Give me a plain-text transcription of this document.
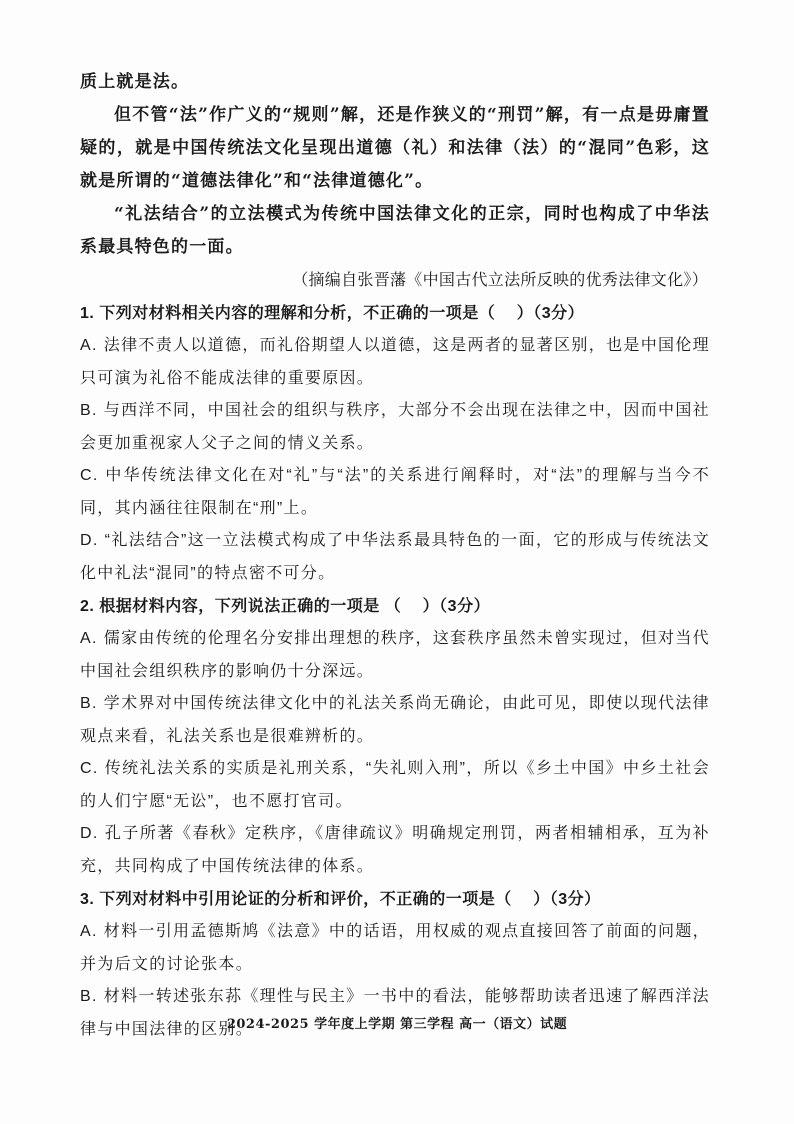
质上就是法。

但不管“法”作广义的“规则”解，还是作狭义的“刑罚”解，有一点是毋庸置疑的，就是中国传统法文化呈现出道德（礼）和法律（法）的“混同”色彩，这就是所谓的“道德法律化”和“法律道德化”。

“礼法结合”的立法模式为传统中国法律文化的正宗，同时也构成了中华法系最具特色的一面。

（摘编自张晋藩《中国古代立法所反映的优秀法律文化》）

1. 下列对材料相关内容的理解和分析，不正确的一项是（　 ）（3分）

A. 法律不责人以道德，而礼俗期望人以道德，这是两者的显著区别，也是中国伦理只可演为礼俗不能成法律的重要原因。

B. 与西洋不同，中国社会的组织与秩序，大部分不会出现在法律之中，因而中国社会更加重视家人父子之间的情义关系。

C. 中华传统法律文化在对“礼”与“法”的关系进行阐释时，对“法”的理解与当今不同，其内涵往往限制在“刑”上。

D. “礼法结合”这一立法模式构成了中华法系最具特色的一面，它的形成与传统法文化中礼法“混同”的特点密不可分。

2. 根据材料内容，下列说法正确的一项是 （　 ）（3分）

A. 儒家由传统的伦理名分安排出理想的秩序，这套秩序虽然未曾实现过，但对当代中国社会组织秩序的影响仍十分深远。

B. 学术界对中国传统法律文化中的礼法关系尚无确论，由此可见，即使以现代法律观点来看，礼法关系也是很难辨析的。

C. 传统礼法关系的实质是礼刑关系，“失礼则入刑”，所以《乡土中国》中乡土社会的人们宁愿“无讼”，也不愿打官司。

D. 孔子所著《春秋》定秩序，《唐律疏议》明确规定刑罚，两者相辅相承，互为补充，共同构成了中国传统法律的体系。

3. 下列对材料中引用论证的分析和评价，不正确的一项是（　 ）（3分）

A. 材料一引用孟德斯鸠《法意》中的话语，用权威的观点直接回答了前面的问题，并为后文的讨论张本。

B. 材料一转述张东荪《理性与民主》一书中的看法，能够帮助读者迅速了解西洋法律与中国法律的区别。

2024-2025 学年度上学期 第三学程 高一（语文）试题
